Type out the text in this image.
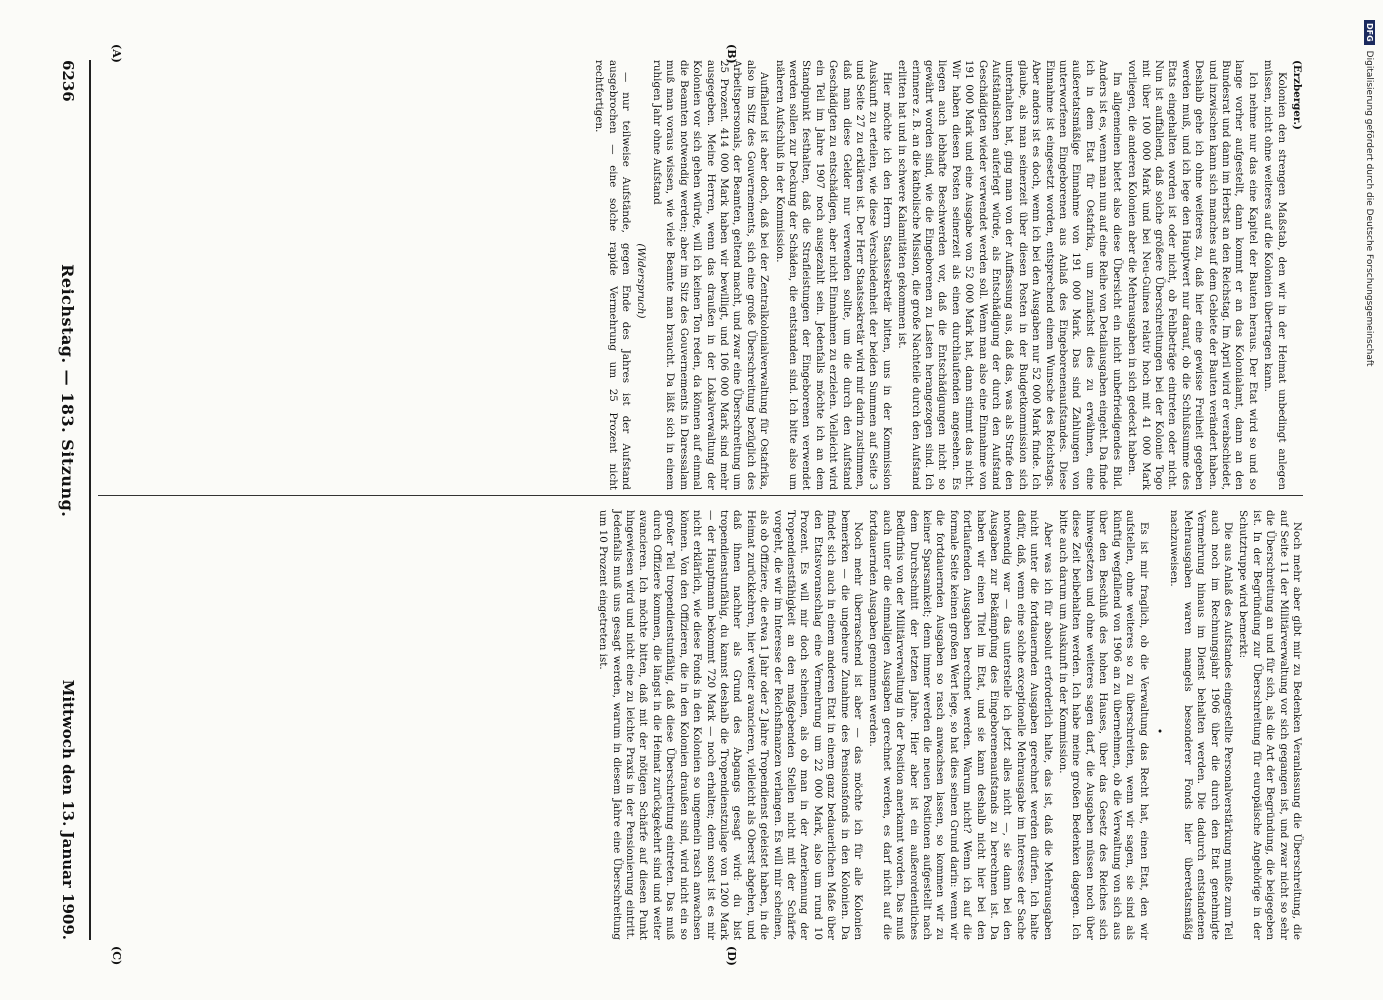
DFG
Digitalisierung gefördert durch die Deutsche Forschungsgemeinschaft
6236
Reichstag. — 183. Sitzung.
Mittwoch den 13. Januar 1909.
(A)	(B)
(C)	(D)

(Erzberger.)

Kolonien den strengen Maßstab, den wir in der Heimat unbedingt anlegen müssen, nicht ohne weiteres auf die Kolonien übertragen kann.

Ich nehme nur das eine Kapitel der Bauten heraus. Der Etat wird so und so lange vorher aufgestellt, dann kommt er an das Kolonialamt, dann an den Bundesrat und dann im Herbst an den Reichstag. Im April wird er verabschiedet, und inzwischen kann sich manches auf dem Gebiete der Bauten verändert haben. Deshalb gehe ich ohne weiteres zu, daß hier eine gewisse Freiheit gegeben werden muß, und ich lege den Hauptwert nur darauf, ob die Schlußsumme des Etats eingehalten worden ist oder nicht, ob Fehlbeträge eintreten oder nicht. Nun ist auffallend, daß solche größere Überschreitungen bei der Kolonie Togo mit über 100 000 Mark und bei Neu-Guinea relativ hoch mit 41 000 Mark vorliegen, die anderen Kolonien aber die Mehrausgaben in sich gedeckt haben.

Im allgemeinen bietet also diese Übersicht ein nicht unbefriedigendes Bild. Anders ist es, wenn man nun auf eine Reihe von Detailausgaben eingeht. Da finde ich in dem Etat für Ostafrika, um zunächst dies zu erwähnen, eine außeretatsmäßige Einnahme von 191 000 Mark. Das sind Zahlungen von unterworfenen Eingeborenen aus Anlaß des Eingeborenenaufstandes. Diese Einnahme ist eingesetzt worden, entsprechend einem Wunsche des Reichstags. Aber anders ist es doch, wenn ich bei den Ausgaben nur 52 000 Mark finde. Ich glaube, als man seinerzeit über diesen Posten in der Budgetkommission sich unterhalten hat, ging man von der Auffassung aus, daß das, was als Strafe den Aufständischen auferlegt würde, als Entschädigung der durch den Aufstand Geschädigten wieder verwendet werden soll. Wenn man also eine Einnahme von 191 000 Mark und eine Ausgabe von 52 000 Mark hat, dann stimmt das nicht. Wir haben diesen Posten seinerzeit als einen durchlaufenden angesehen. Es liegen auch lebhafte Beschwerden vor, daß die Entschädigungen nicht so gewährt worden sind, wie die Eingeborenen zu Lasten herangezogen sind. Ich erinnere z. B. an die katholische Mission, die große Nachteile durch den Aufstand erlitten hat und in schwere Kalamitäten gekommen ist.

Hier möchte ich den Herrn Staatssekretär bitten, uns in der Kommission Auskunft zu erteilen, wie diese Verschiedenheit der beiden Summen auf Seite 3 und Seite 27 zu erklären ist. Der Herr Staatssekretär wird mir darin zustimmen, daß man diese Gelder nur verwenden sollte, um die durch den Aufstand Geschädigten zu entschädigen, aber nicht Einnahmen zu erzielen. Vielleicht wird ein Teil im Jahre 1907 noch ausgezahlt sein. Jedenfalls möchte ich an dem Standpunkt festhalten, daß die Strafleistungen der Eingeborenen verwendet werden sollen zur Deckung der Schäden, die entstanden sind. Ich bitte also um näheren Aufschluß in der Kommission.

Auffallend ist aber doch, daß bei der Zentralkolonialverwaltung für Ostafrika, also im Sitz des Gouvernements, sich eine große Überschreitung bezüglich des Arbeitspersonals, der Beamten, geltend macht, und zwar eine Überschreitung um 25 Prozent. 414 000 Mark haben wir bewilligt, und 106 000 Mark sind mehr ausgegeben. Meine Herren, wenn das draußen in der Lokalverwaltung der Kolonien vor sich gehen würde, will ich keinen Ton reden, da können auf einmal die Beamten notwendig werden; aber im Sitz des Gouvernements in Daressalam muß man voraus wissen, wie viele Beamte man braucht. Da läßt sich in einem ruhigen Jahr ohne Aufstand

(Widerspruch)

— nur teilweise Aufstände, gegen Ende des Jahres ist der Aufstand ausgebrochen — eine solche rapide Vermehrung um 25 Prozent nicht rechtfertigen.

Noch mehr aber gibt mir zu Bedenken Veranlassung die Überschreitung, die auf Seite 11 der Militärverwaltung vor sich gegangen ist, und zwar nicht so sehr die Überschreitung an und für sich, als die Art der Begründung, die beigegeben ist. In der Begründung zur Überschreitung für europäische Angehörige in der Schutztruppe wird bemerkt:

Die aus Anlaß des Aufstandes eingestellte Personalverstärkung mußte zum Teil auch noch im Rechnungsjahr 1906 über die durch den Etat genehmigte Vermehrung hinaus im Dienst behalten werden. Die dadurch entstandenen Mehrausgaben waren mangels besonderer Fonds hier überetatsmäßig nachzuweisen.

•

Es ist mir fraglich, ob die Verwaltung das Recht hat, einen Etat, den wir aufstellen, ohne weiteres so zu überschreiten, wenn wir sagen, sie sind als künftig wegfallend von 1906 an zu übernehmen, ob die Verwaltung von sich aus über den Beschluß des hohen Hauses, über das Gesetz des Reiches sich hinwegsetzen und ohne weiteres sagen darf, die Ausgaben müssen noch über diese Zeit beibehalten werden. Ich habe meine großen Bedenken dagegen. Ich bitte auch darum um Auskunft in der Kommission.

Aber was ich für absolut erforderlich halte, das ist, daß die Mehrausgaben nicht unter die fortdauernden Ausgaben gerechnet werden dürfen. Ich halte dafür, daß, wenn eine solche exceptionelle Mehrausgabe im Interesse der Sache notwendig war — das unterstelle ich jetzt alles nicht —, sie dann bei den Ausgaben zur Bekämpfung des Eingeborenenaufstands zu berechnen ist. Da haben wir einen Titel im Etat, und sie kann deshalb nicht hier bei den fortlaufenden Ausgaben berechnet werden. Warum nicht? Wenn ich auf die formale Seite keinen großen Wert lege, so hat dies seinen Grund darin: wenn wir die fortdauernden Ausgaben so rasch anwachsen lassen, so kommen wir zu keiner Sparsamkeit; denn immer werden die neuen Positionen aufgestellt nach dem Durchschnitt der letzten Jahre. Hier aber ist ein außerordentliches Bedürfnis von der Militärverwaltung in der Position anerkannt worden. Das muß auch unter die einmaligen Ausgaben gerechnet werden, es darf nicht auf die fortdauernden Ausgaben genommen werden.

Noch mehr überraschend ist aber — das möchte ich für alle Kolonien bemerken — die ungeheure Zunahme des Pensionsfonds in den Kolonien. Da findet sich auch in einem anderen Etat in einem ganz bedauerlichen Maße über den Etatsvoranschlag eine Vermehrung um 22 000 Mark, also um rund 10 Prozent. Es will mir doch scheinen, als ob man in der Anerkennung der Tropendienstfähigkeit an den maßgebenden Stellen nicht mit der Schärfe vorgeht, die wir im Interesse der Reichsfinanzen verlangen. Es will mir scheinen, als ob Offiziere, die etwa 1 Jahr oder 2 Jahre Tropendienst geleistet haben, in die Heimat zurückkehren, hier weiter avancieren, vielleicht als Oberst abgehen, und daß ihnen nachher als Grund des Abgangs gesagt wird: du bist tropendienstunfähig, du kannst deshalb die Tropendienstzulage von 1200 Mark — der Hauptmann bekommt 720 Mark — noch erhalten; denn sonst ist es mir nicht erklärlich, wie diese Fonds in den Kolonien so ungemein rasch anwachsen können. Von den Offizieren, die in den Kolonien draußen sind, wird nicht ein so großer Teil tropendienstunfähig, daß diese Überschreitung eintreten. Das muß durch Offiziere kommen, die längst in die Heimat zurückgekehrt sind und weiter avancieren. Ich möchte bitten, daß mit der nötigen Schärfe auf diesen Punkt hingewiesen wird und nicht eine zu leichte Praxis in der Pensionierung eintritt. Jedenfalls muß uns gesagt werden, warum in diesem Jahre eine Überschreitung um 10 Prozent eingetreten ist.
